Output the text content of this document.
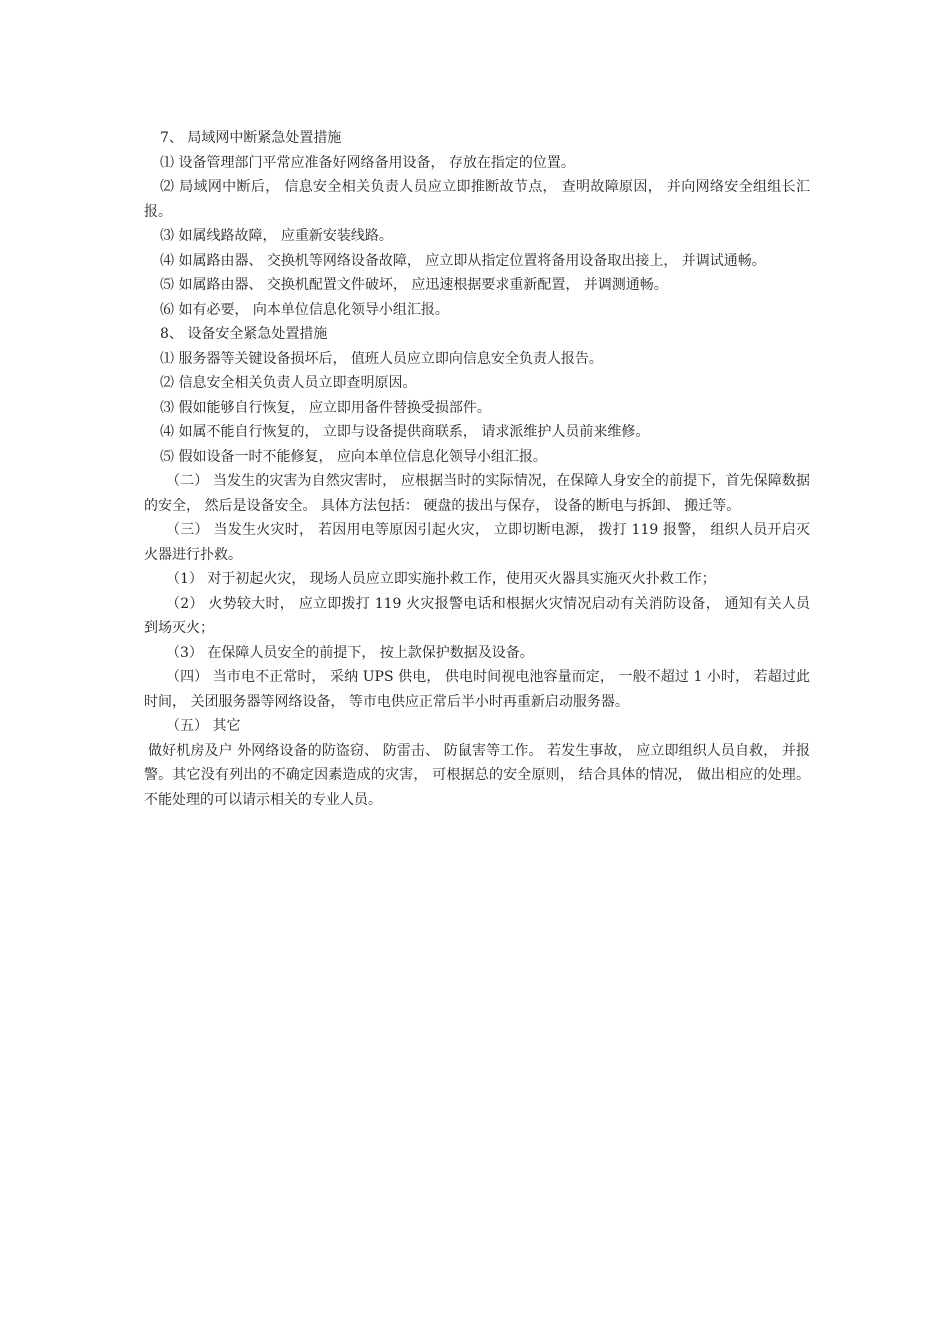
7、 局域网中断紧急处置措施

⑴ 设备管理部门平常应准备好网络备用设备， 存放在指定的位置。

⑵ 局域网中断后， 信息安全相关负责人员应立即推断故节点， 查明故障原因， 并向网络安全组组长汇报。

⑶ 如属线路故障， 应重新安装线路。

⑷ 如属路由器、 交换机等网络设备故障， 应立即从指定位置将备用设备取出接上， 并调试通畅。

⑸ 如属路由器、 交换机配置文件破坏， 应迅速根据要求重新配置， 并调测通畅。

⑹ 如有必要， 向本单位信息化领导小组汇报。

8、 设备安全紧急处置措施

⑴ 服务器等关键设备损坏后， 值班人员应立即向信息安全负责人报告。

⑵ 信息安全相关负责人员立即查明原因。

⑶ 假如能够自行恢复， 应立即用备件替换受损部件。

⑷ 如属不能自行恢复的， 立即与设备提供商联系， 请求派维护人员前来维修。

⑸ 假如设备一时不能修复， 应向本单位信息化领导小组汇报。

（二） 当发生的灾害为自然灾害时， 应根据当时的实际情况，在保障人身安全的前提下，首先保障数据的安全， 然后是设备安全。 具体方法包括： 硬盘的拔出与保存， 设备的断电与拆卸、 搬迁等。

（三） 当发生火灾时， 若因用电等原因引起火灾， 立即切断电源， 拨打 119 报警， 组织人员开启灭火器进行扑救。

（1） 对于初起火灾， 现场人员应立即实施扑救工作，使用灭火器具实施灭火扑救工作；

（2） 火势较大时， 应立即拨打 119 火灾报警电话和根据火灾情况启动有关消防设备， 通知有关人员到场灭火；

（3） 在保障人员安全的前提下， 按上款保护数据及设备。

（四） 当市电不正常时， 采纳 UPS 供电， 供电时间视电池容量而定， 一般不超过 1 小时， 若超过此时间， 关团服务器等网络设备， 等市电供应正常后半小时再重新启动服务器。

（五） 其它

做好机房及户 外网络设备的防盗窃、 防雷击、 防鼠害等工作。 若发生事故， 应立即组织人员自救， 并报警。其它没有列出的不确定因素造成的灾害， 可根据总的安全原则， 结合具体的情况， 做出相应的处理。 不能处理的可以请示相关的专业人员。
